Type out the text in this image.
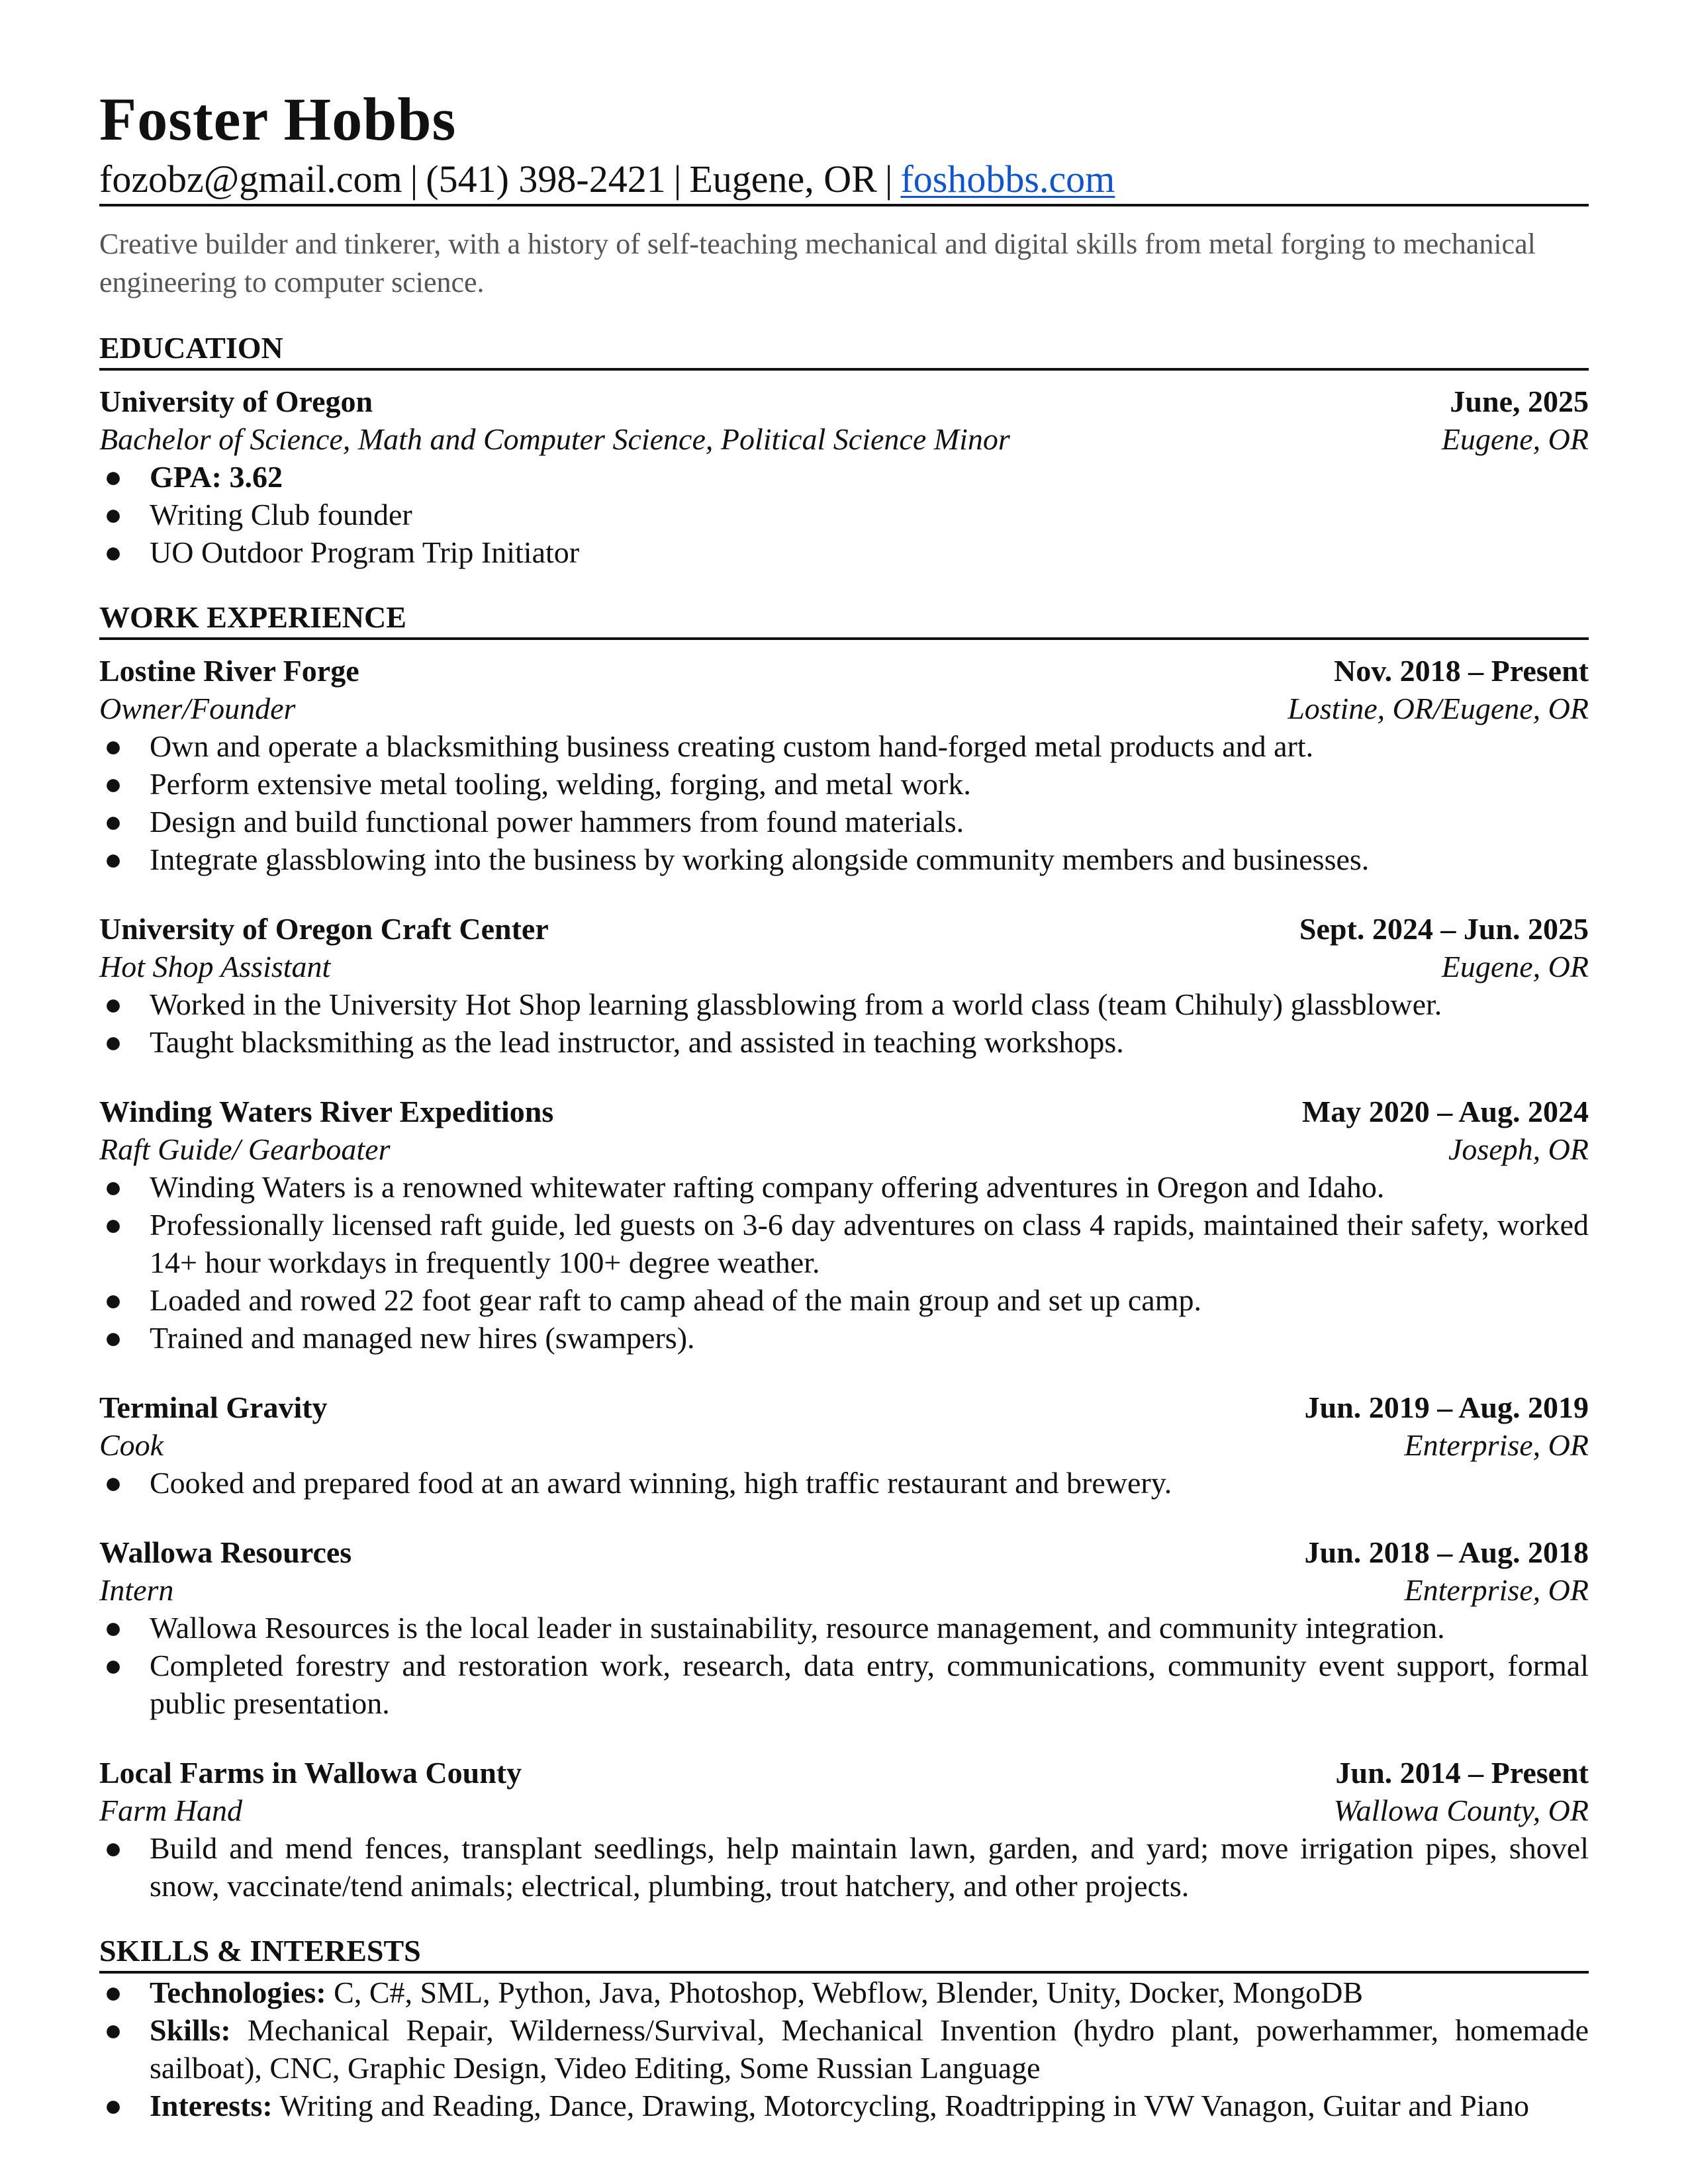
Foster Hobbs
fozobz@gmail.com | (541) 398-2421 | Eugene, OR | foshobbs.com
Creative builder and tinkerer, with a history of self-teaching mechanical and digital skills from metal forging to mechanical engineering to computer science.
EDUCATION
University of Oregon	June, 2025
Bachelor of Science, Math and Computer Science, Political Science Minor	Eugene, OR
● GPA: 3.62
● Writing Club founder
● UO Outdoor Program Trip Initiator
WORK EXPERIENCE
Lostine River Forge	Nov. 2018 – Present
Owner/Founder	Lostine, OR/Eugene, OR
● Own and operate a blacksmithing business creating custom hand-forged metal products and art.
● Perform extensive metal tooling, welding, forging, and metal work.
● Design and build functional power hammers from found materials.
● Integrate glassblowing into the business by working alongside community members and businesses.
University of Oregon Craft Center	Sept. 2024 – Jun. 2025
Hot Shop Assistant	Eugene, OR
● Worked in the University Hot Shop learning glassblowing from a world class (team Chihuly) glassblower.
● Taught blacksmithing as the lead instructor, and assisted in teaching workshops.
Winding Waters River Expeditions	May 2020 – Aug. 2024
Raft Guide/ Gearboater	Joseph, OR
● Winding Waters is a renowned whitewater rafting company offering adventures in Oregon and Idaho.
● Professionally licensed raft guide, led guests on 3-6 day adventures on class 4 rapids, maintained their safety, worked 14+ hour workdays in frequently 100+ degree weather.
● Loaded and rowed 22 foot gear raft to camp ahead of the main group and set up camp.
● Trained and managed new hires (swampers).
Terminal Gravity	Jun. 2019 – Aug. 2019
Cook	Enterprise, OR
● Cooked and prepared food at an award winning, high traffic restaurant and brewery.
Wallowa Resources	Jun. 2018 – Aug. 2018
Intern	Enterprise, OR
● Wallowa Resources is the local leader in sustainability, resource management, and community integration.
● Completed forestry and restoration work, research, data entry, communications, community event support, formal public presentation.
Local Farms in Wallowa County	Jun. 2014 – Present
Farm Hand	Wallowa County, OR
● Build and mend fences, transplant seedlings, help maintain lawn, garden, and yard; move irrigation pipes, shovel snow, vaccinate/tend animals; electrical, plumbing, trout hatchery, and other projects.
SKILLS & INTERESTS
● Technologies: C, C#, SML, Python, Java, Photoshop, Webflow, Blender, Unity, Docker, MongoDB
● Skills: Mechanical Repair, Wilderness/Survival, Mechanical Invention (hydro plant, powerhammer, homemade sailboat), CNC, Graphic Design, Video Editing, Some Russian Language
● Interests: Writing and Reading, Dance, Drawing, Motorcycling, Roadtripping in VW Vanagon, Guitar and Piano
